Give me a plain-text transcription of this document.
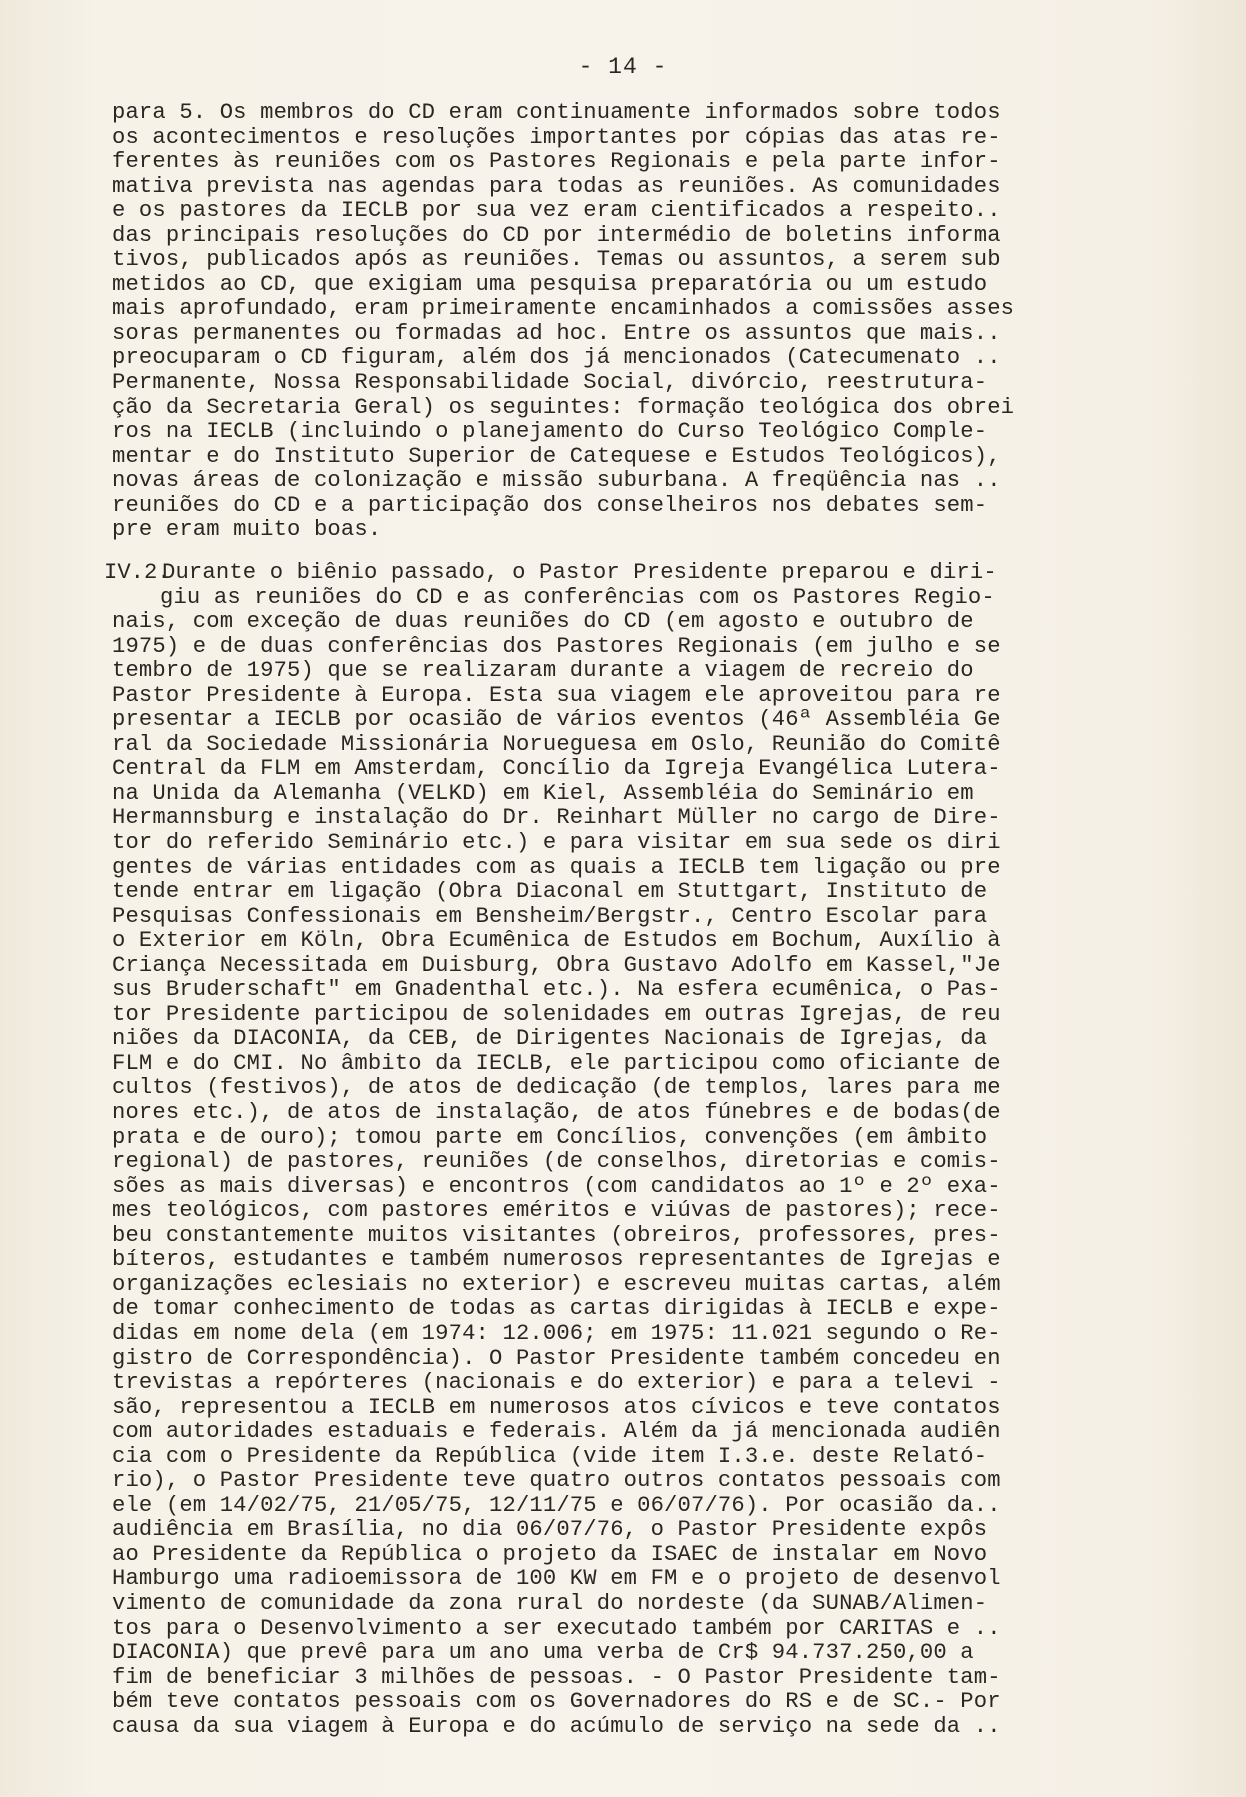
- 14 -

para 5. Os membros do CD eram continuamente informados sobre todos
os acontecimentos e resoluções importantes por cópias das atas re-
ferentes às reuniões com os Pastores Regionais e pela parte infor-
mativa prevista nas agendas para todas as reuniões. As comunidades
e os pastores da IECLB por sua vez eram cientificados a respeito..
das principais resoluções do CD por intermédio de boletins informa
tivos, publicados após as reuniões. Temas ou assuntos, a serem sub
metidos ao CD, que exigiam uma pesquisa preparatória ou um estudo
mais aprofundado, eram primeiramente encaminhados a comissões asses
soras permanentes ou formadas ad hoc. Entre os assuntos que mais..
preocuparam o CD figuram, além dos já mencionados (Catecumenato ..
Permanente, Nossa Responsabilidade Social, divórcio, reestrutura-
ção da Secretaria Geral) os seguintes: formação teológica dos obrei
ros na IECLB (incluindo o planejamento do Curso Teológico Comple-
mentar e do Instituto Superior de Catequese e Estudos Teológicos),
novas áreas de colonização e missão suburbana. A freqüência nas ..
reuniões do CD e a participação dos conselheiros nos debates sem-
pre eram muito boas.

IV.2.

Durante o biênio passado, o Pastor Presidente preparou e diri-
giu as reuniões do CD e as conferências com os Pastores Regio-
nais, com exceção de duas reuniões do CD (em agosto e outubro de
1975) e de duas conferências dos Pastores Regionais (em julho e se
tembro de 1975) que se realizaram durante a viagem de recreio do
Pastor Presidente à Europa. Esta sua viagem ele aproveitou para re
presentar a IECLB por ocasião de vários eventos (46ª Assembléia Ge
ral da Sociedade Missionária Norueguesa em Oslo, Reunião do Comitê
Central da FLM em Amsterdam, Concílio da Igreja Evangélica Lutera-
na Unida da Alemanha (VELKD) em Kiel, Assembléia do Seminário em
Hermannsburg e instalação do Dr. Reinhart Müller no cargo de Dire-
tor do referido Seminário etc.) e para visitar em sua sede os diri
gentes de várias entidades com as quais a IECLB tem ligação ou pre
tende entrar em ligação (Obra Diaconal em Stuttgart, Instituto de
Pesquisas Confessionais em Bensheim/Bergstr., Centro Escolar para
o Exterior em Köln, Obra Ecumênica de Estudos em Bochum, Auxílio à
Criança Necessitada em Duisburg, Obra Gustavo Adolfo em Kassel,"Je
sus Bruderschaft" em Gnadenthal etc.). Na esfera ecumênica, o Pas-
tor Presidente participou de solenidades em outras Igrejas, de reu
niões da DIACONIA, da CEB, de Dirigentes Nacionais de Igrejas, da
FLM e do CMI. No âmbito da IECLB, ele participou como oficiante de
cultos (festivos), de atos de dedicação (de templos, lares para me
nores etc.), de atos de instalação, de atos fúnebres e de bodas(de
prata e de ouro); tomou parte em Concílios, convenções (em âmbito
regional) de pastores, reuniões (de conselhos, diretorias e comis-
sões as mais diversas) e encontros (com candidatos ao 1º e 2º exa-
mes teológicos, com pastores eméritos e viúvas de pastores); rece-
beu constantemente muitos visitantes (obreiros, professores, pres-
bíteros, estudantes e também numerosos representantes de Igrejas e
organizações eclesiais no exterior) e escreveu muitas cartas, além
de tomar conhecimento de todas as cartas dirigidas à IECLB e expe-
didas em nome dela (em 1974: 12.006; em 1975: 11.021 segundo o Re-
gistro de Correspondência). O Pastor Presidente também concedeu en
trevistas a repórteres (nacionais e do exterior) e para a televi -
são, representou a IECLB em numerosos atos cívicos e teve contatos
com autoridades estaduais e federais. Além da já mencionada audiên
cia com o Presidente da República (vide item I.3.e. deste Relató-
rio), o Pastor Presidente teve quatro outros contatos pessoais com
ele (em 14/02/75, 21/05/75, 12/11/75 e 06/07/76). Por ocasião da..
audiência em Brasília, no dia 06/07/76, o Pastor Presidente expôs
ao Presidente da República o projeto da ISAEC de instalar em Novo
Hamburgo uma radioemissora de 100 KW em FM e o projeto de desenvol
vimento de comunidade da zona rural do nordeste (da SUNAB/Alimen-
tos para o Desenvolvimento a ser executado também por CARITAS e ..
DIACONIA) que prevê para um ano uma verba de Cr$ 94.737.250,00 a
fim de beneficiar 3 milhões de pessoas. - O Pastor Presidente tam-
bém teve contatos pessoais com os Governadores do RS e de SC.- Por
causa da sua viagem à Europa e do acúmulo de serviço na sede da ..
